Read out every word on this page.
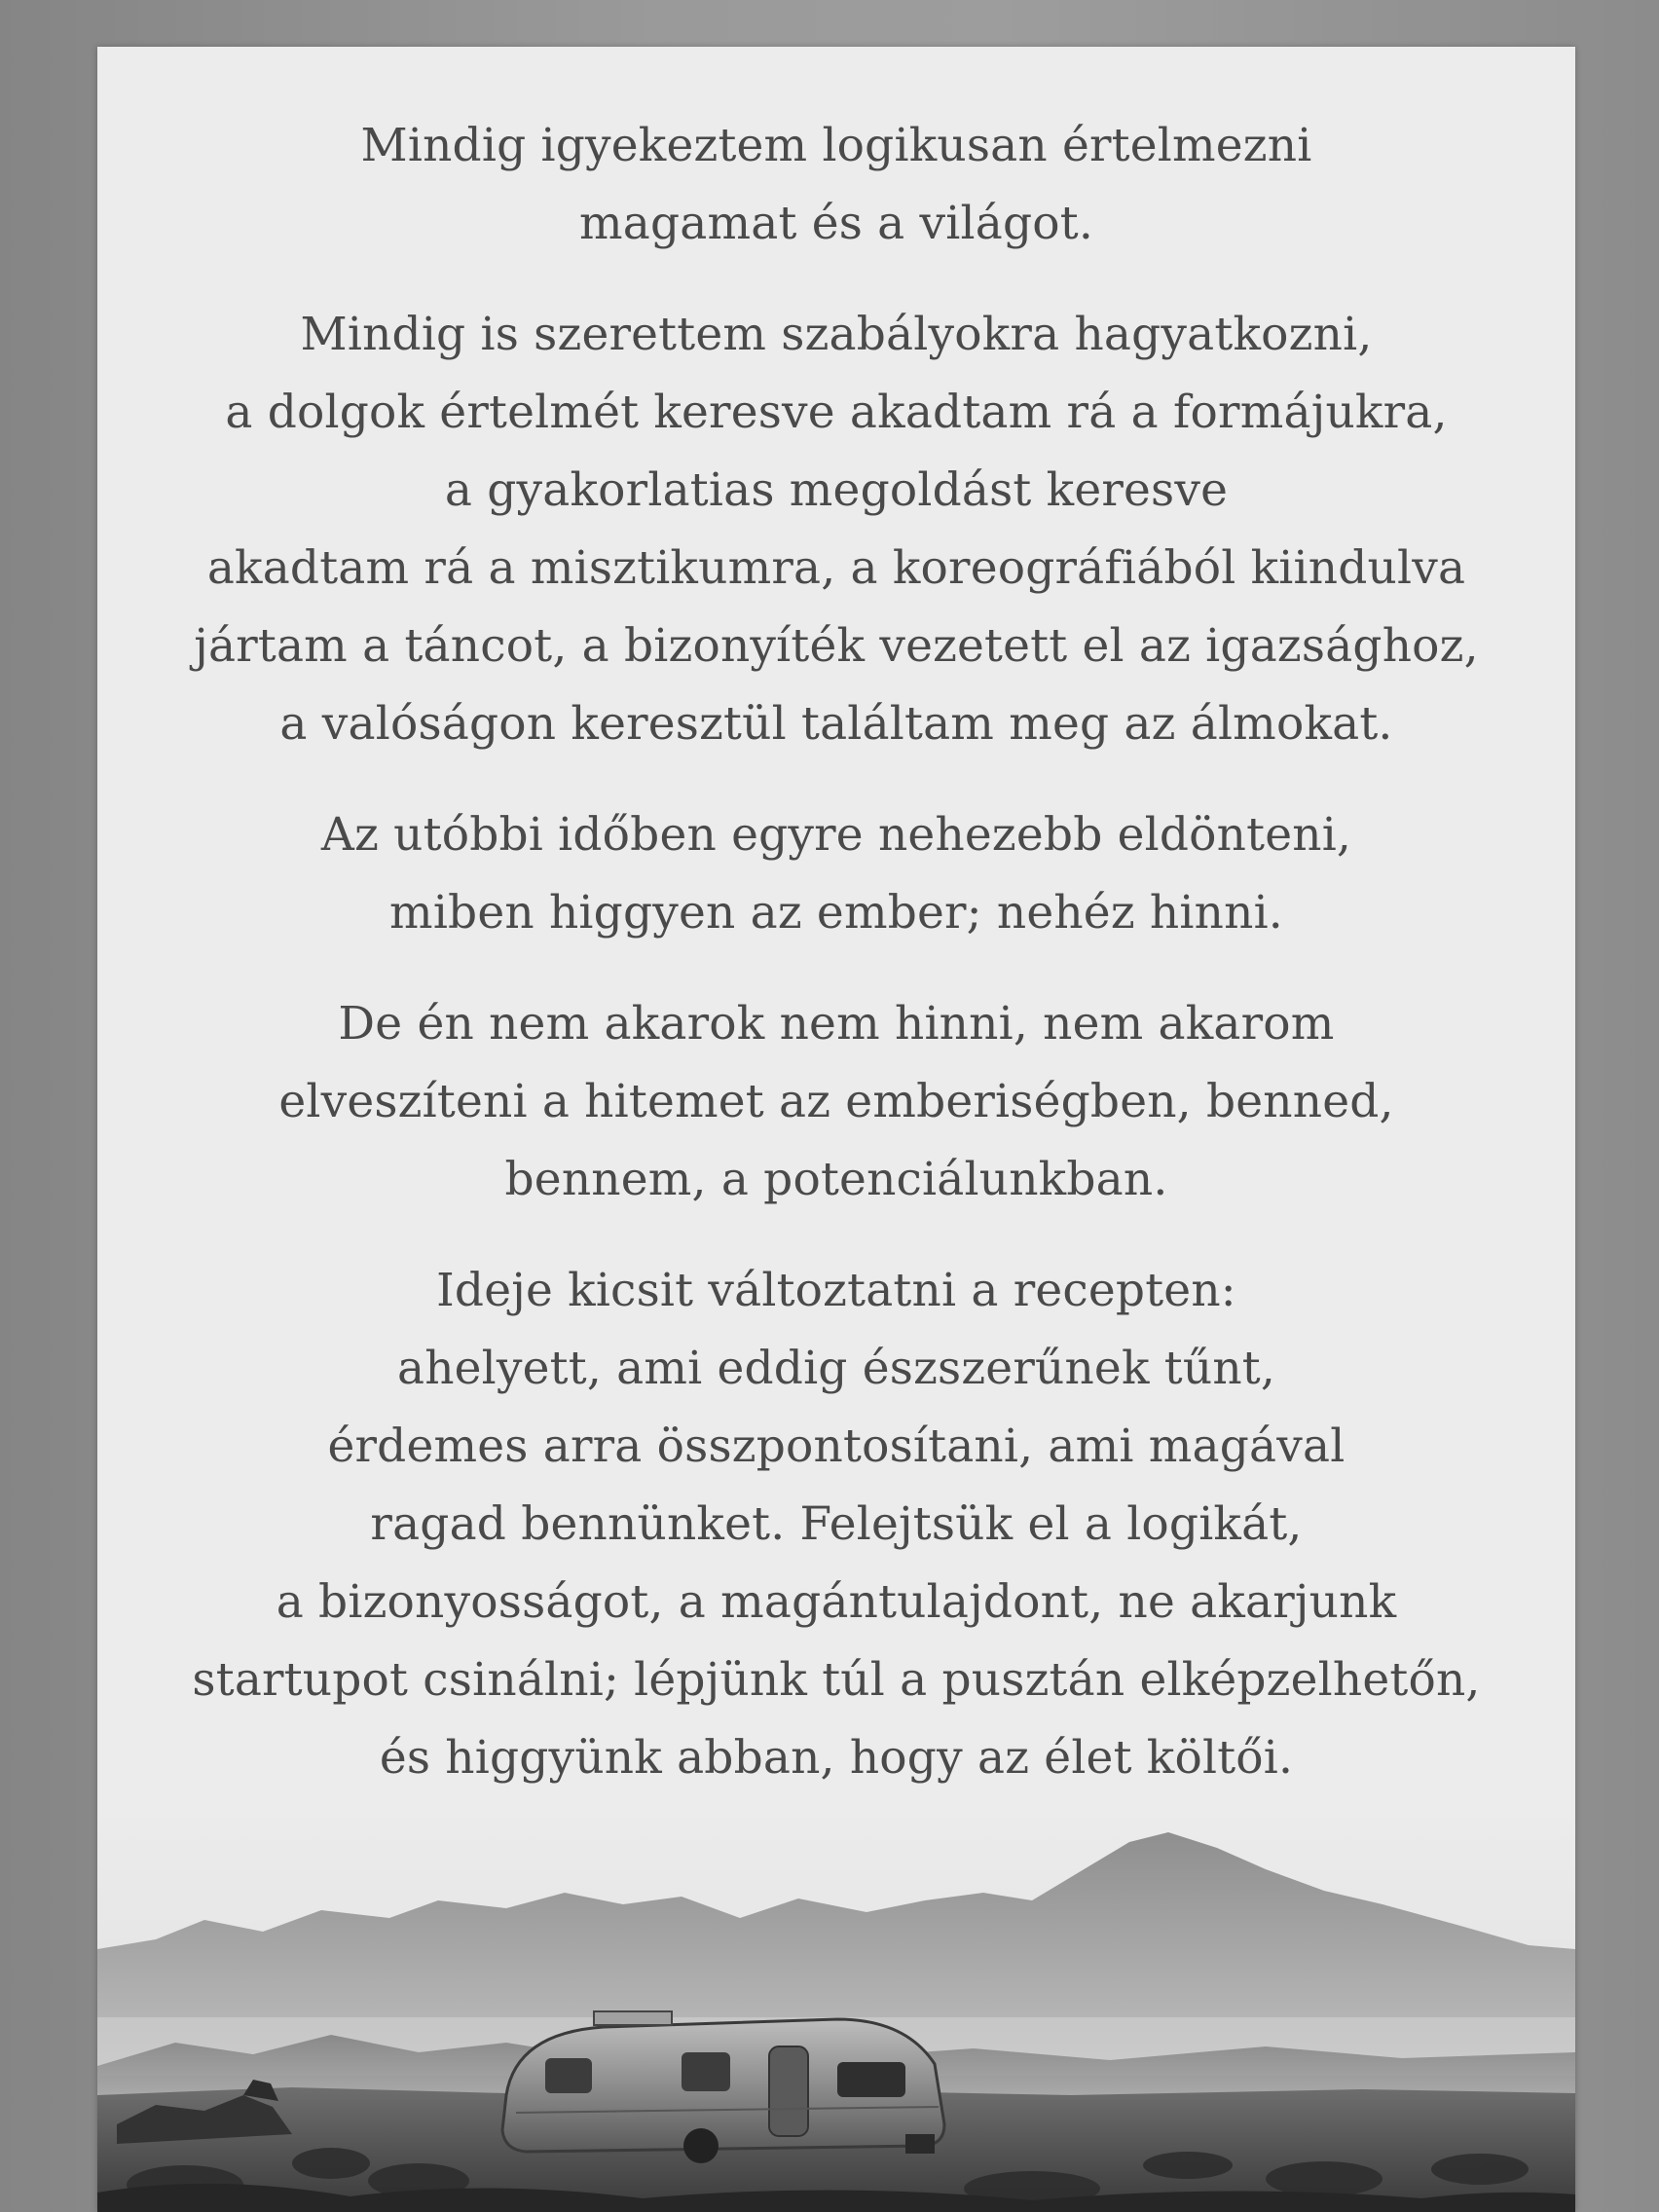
Mindig igyekeztem logikusan értelmezni
magamat és a világot.
Mindig is szerettem szabályokra hagyatkozni,
a dolgok értelmét keresve akadtam rá a formájukra,
a gyakorlatias megoldást keresve
akadtam rá a misztikumra, a koreográfiából kiindulva
jártam a táncot, a bizonyíték vezetett el az igazsághoz,
a valóságon keresztül találtam meg az álmokat.
Az utóbbi időben egyre nehezebb eldönteni,
miben higgyen az ember; nehéz hinni.
De én nem akarok nem hinni, nem akarom
elveszíteni a hitemet az emberiségben, benned,
bennem, a potenciálunkban.
Ideje kicsit változtatni a recepten:
ahelyett, ami eddig észszerűnek tűnt,
érdemes arra összpontosítani, ami magával
ragad bennünket. Felejtsük el a logikát,
a bizonyosságot, a magántulajdont, ne akarjunk
startupot csinálni; lépjünk túl a pusztán elképzelhetőn,
és higgyünk abban, hogy az élet költői.
